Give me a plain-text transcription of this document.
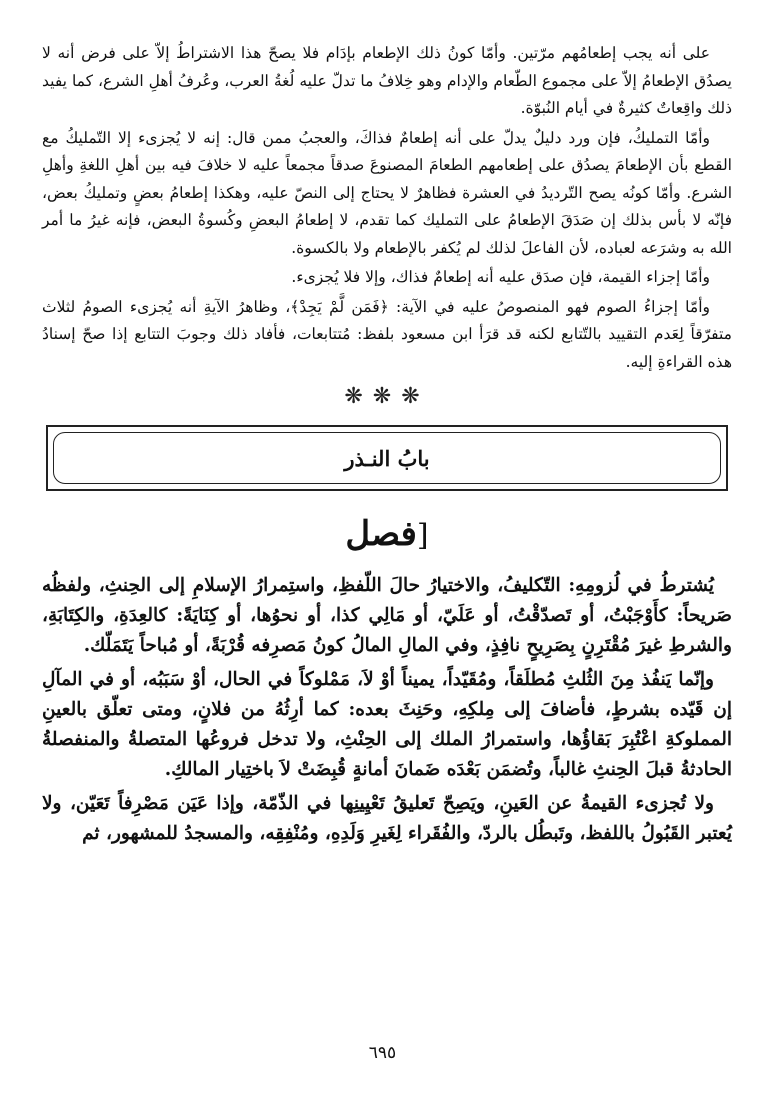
على أنه يجب إطعامُهم مرّتين. وأمّا كونُ ذلك الإطعام بإدَام فلا يصحّ هذا الاشتراطُ إلاّ على فرض أنه لا يصدُق الإطعامُ إلاّ على مجموع الطّعام والإدام وهو خِلافُ ما تدلّ عليه لُغةُ العرب، وعُرفُ أهلِ الشرع، كما يفيد ذلك واقِعاتٌ كثيرةٌ في أيام النُبوّة.

وأمّا التمليكُ، فإن ورد دليلٌ يدلّ على أنه إطعامٌ فذاكَ، والعجبُ ممن قال: إنه لا يُجزىء إلا التّمليكُ مع القطع بأن الإطعامَ يصدُق على إطعامهم الطعامَ المصنوعَ صدقاً مجمعاً عليه لا خلافَ فيه بين أهلِ اللغةِ وأهلِ الشرع. وأمّا كونُه يصح التّرديدُ في العشرة فظاهرٌ لا يحتاج إلى النصّ عليه، وهكذا إطعامُ بعضٍ وتمليكُ بعض، فإنّه لا بأس بذلك إن صَدَقَ الإطعامُ على التمليك كما تقدم، لا إطعامُ البعضِ وكُسوةُ البعض، فإنه غيرُ ما أمر الله به وشرَعه لعباده، لأن الفاعلَ لذلك لم يُكفر بالإطعام ولا بالكسوة.

وأمّا إجزاء القيمة، فإن صدَق عليه أنه إطعامٌ فذاك، وإلا فلا يُجزىء.

وأمّا إجزاءُ الصوم فهو المنصوصُ عليه في الآية: ﴿فَمَن لَّمْ يَجِدْ﴾، وظاهرُ الآيةِ أنه يُجزىء الصومُ لثلاث متفرّقاً لِعَدم التقييد بالتّتابع لكنه قد قرَأ ابن مسعود بلفظ: مُتتابعات، فأفاد ذلك وجوبَ التتابع إذا صحّ إسنادُ هذه القراءةِ إليه.

❋❋❋
بابُ النـذر
[فصل

يُشترطُ في لُزومِهِ: التّكليفُ، والاختيارُ حالَ اللّفظِ، واستِمرارُ الإسلامِ إلى الحِنثِ، ولفظُه صَريحاً: كأَوْجَبْتُ، أو تَصدّقْتُ، أو عَلَيّ، أو مَالِي كذا، أو نحوُها، أو كِنَايَةً: كالعِدَةِ، والكِتَابَةِ، والشرطِ غيرَ مُقْتَرِنٍ بِصَرِيحٍ نافِذٍ، وفي المالِ المالُ كونُ مَصرِفه قُرْبَةً، أو مُباحاً يَتَمَلّك.

وإنّما يَنفُذ مِنَ الثُلثِ مُطلَقاً، ومُقَيّداً، يميناً أوْ لاَ، مَمْلوكاً في الحال، أوْ سَبَبُه، أو في المآلِ إن قَيّده بشرطٍ، فأضافَ إلى مِلكِهِ، وحَنِثَ بعده: كما أرِثُهُ من فلانٍ، ومتى تعلّق بالعينِ المملوكةِ اعْتُبِرَ بَقاؤُها، واستمرارُ الملك إلى الحِنْثِ، ولا تدخل فروعُها المتصلةُ والمنفصلةُ الحادثةُ قبلَ الحِنثِ غالباً، وتُضمَن بَعْدَه ضَمانَ أمانةٍ قُبِضَتْ لاَ باختِيار المالكِ.

ولا تُجزىء القيمةُ عن العَينِ، ويَصِحّ تَعليقُ تَعْيِينِها في الذّمّة، وإذا عَيَن مَصْرِفاً تَعَيّن، ولا يُعتبر القَبُولُ باللفظ، وتَبطُل بالردّ، والفُقَراء لِغَيرِ وَلَدِهِ، ومُنْفِقِه، والمسجدُ للمشهور، ثم

٦٩٥
